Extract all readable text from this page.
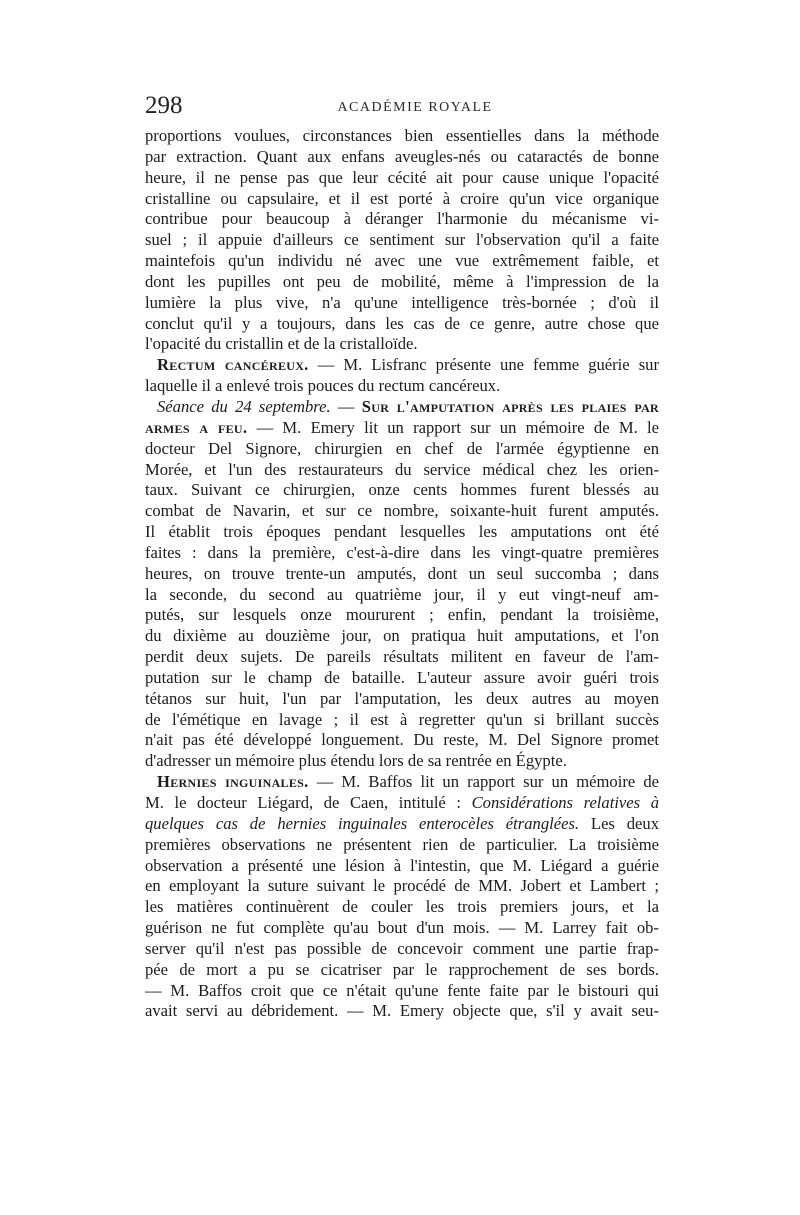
298	ACADÉMIE ROYALE
proportions voulues, circonstances bien essentielles dans la méthode
par extraction. Quant aux enfans aveugles-nés ou cataractés de bonne
heure, il ne pense pas que leur cécité ait pour cause unique l'opacité
cristalline ou capsulaire, et il est porté à croire qu'un vice organique
contribue pour beaucoup à déranger l'harmonie du mécanisme vi-
suel ; il appuie d'ailleurs ce sentiment sur l'observation qu'il a faite
maintefois qu'un individu né avec une vue extrêmement faible, et
dont les pupilles ont peu de mobilité, même à l'impression de la
lumière la plus vive, n'a qu'une intelligence très-bornée ; d'où il
conclut qu'il y a toujours, dans les cas de ce genre, autre chose que
l'opacité du cristallin et de la cristalloïde.
Rectum cancéreux. — M. Lisfranc présente une femme guérie sur
laquelle il a enlevé trois pouces du rectum cancéreux.
Séance du 24 septembre. — Sur l'amputation après les plaies par
armes a feu. — M. Emery lit un rapport sur un mémoire de M. le
docteur Del Signore, chirurgien en chef de l'armée égyptienne en
Morée, et l'un des restaurateurs du service médical chez les orien-
taux. Suivant ce chirurgien, onze cents hommes furent blessés au
combat de Navarin, et sur ce nombre, soixante-huit furent amputés.
Il établit trois époques pendant lesquelles les amputations ont été
faites : dans la première, c'est-à-dire dans les vingt-quatre premières
heures, on trouve trente-un amputés, dont un seul succomba ; dans
la seconde, du second au quatrième jour, il y eut vingt-neuf am-
putés, sur lesquels onze moururent ; enfin, pendant la troisième,
du dixième au douzième jour, on pratiqua huit amputations, et l'on
perdit deux sujets. De pareils résultats militent en faveur de l'am-
putation sur le champ de bataille. L'auteur assure avoir guéri trois
tétanos sur huit, l'un par l'amputation, les deux autres au moyen
de l'émétique en lavage ; il est à regretter qu'un si brillant succès
n'ait pas été développé longuement. Du reste, M. Del Signore promet
d'adresser un mémoire plus étendu lors de sa rentrée en Égypte.
Hernies inguinales. — M. Baffos lit un rapport sur un mémoire de
M. le docteur Liégard, de Caen, intitulé : Considérations relatives à
quelques cas de hernies inguinales enterocèles étranglées. Les deux
premières observations ne présentent rien de particulier. La troisième
observation a présenté une lésion à l'intestin, que M. Liégard a guérie
en employant la suture suivant le procédé de MM. Jobert et Lambert ;
les matières continuèrent de couler les trois premiers jours, et la
guérison ne fut complète qu'au bout d'un mois. — M. Larrey fait ob-
server qu'il n'est pas possible de concevoir comment une partie frap-
pée de mort a pu se cicatriser par le rapprochement de ses bords.
— M. Baffos croit que ce n'était qu'une fente faite par le bistouri qui
avait servi au débridement. — M. Emery objecte que, s'il y avait seu-
